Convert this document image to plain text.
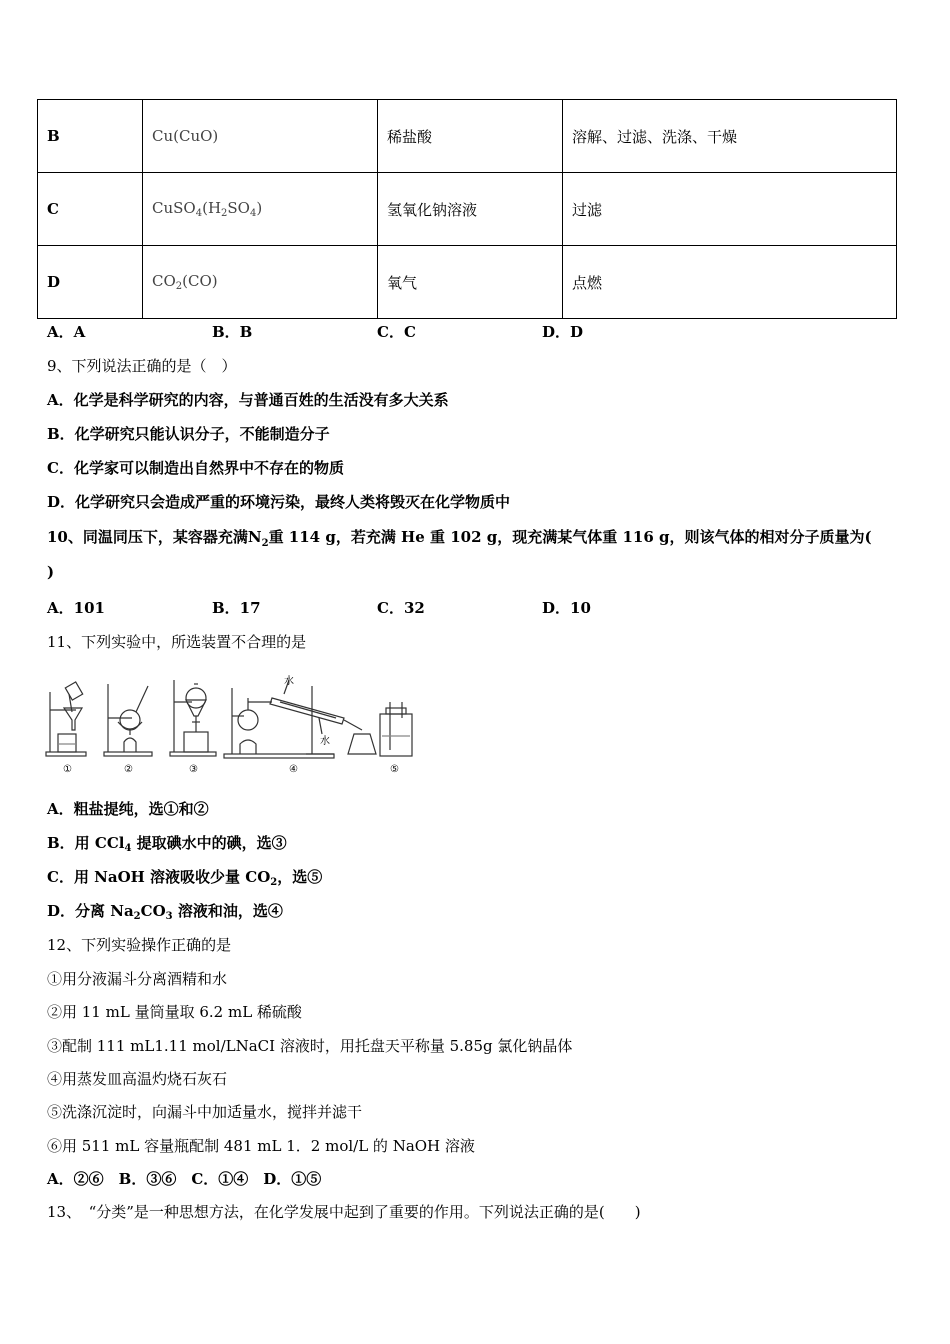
B	Cu(CuO)	稀盐酸	溶解、过滤、洗涤、干燥
C	$CuSO_4(H_2SO_4)$	氢氧化钠溶液	过滤
D	$CO_2(CO)$	氧气	点燃
A．A	B．B	C．C	D．D
9、下列说法正确的是（　）
A．化学是科学研究的内容，与普通百姓的生活没有多大关系
B．化学研究只能认识分子，不能制造分子
C．化学家可以制造出自然界中不存在的物质
D．化学研究只会造成严重的环境污染，最终人类将毁灭在化学物质中
10、同温同压下，某容器充满$N_2$重 114 g，若充满 He 重 102 g，现充满某气体重 116 g，则该气体的相对分子质量为(
)
A．101	B．17	C．32	D．10
11、下列实验中，所选装置不合理的是
①	②	③
水
水
④	⑤
A．粗盐提纯，选①和②
B．用 CCl$_4$ 提取碘水中的碘，选③
C．用 NaOH 溶液吸收少量 $CO_2$，选⑤
D．分离 $Na_2CO_3$ 溶液和油，选④
12、下列实验操作正确的是
①用分液漏斗分离酒精和水
②用 11 mL 量筒量取 6.2 mL 稀硫酸
③配制 111 mL1.11 mol/LNaCI 溶液时，用托盘天平称量 5.85g 氯化钠晶体
④用蒸发皿高温灼烧石灰石
⑤洗涤沉淀时，向漏斗中加适量水，搅拌并滤干
⑥用 511 mL 容量瓶配制 481 mL 1．2 mol/L 的 NaOH 溶液
A．②⑥　B．③⑥　C．①④　D．①⑤
13、　“分类”是一种思想方法，在化学发展中起到了重要的作用。下列说法正确的是(　　)
